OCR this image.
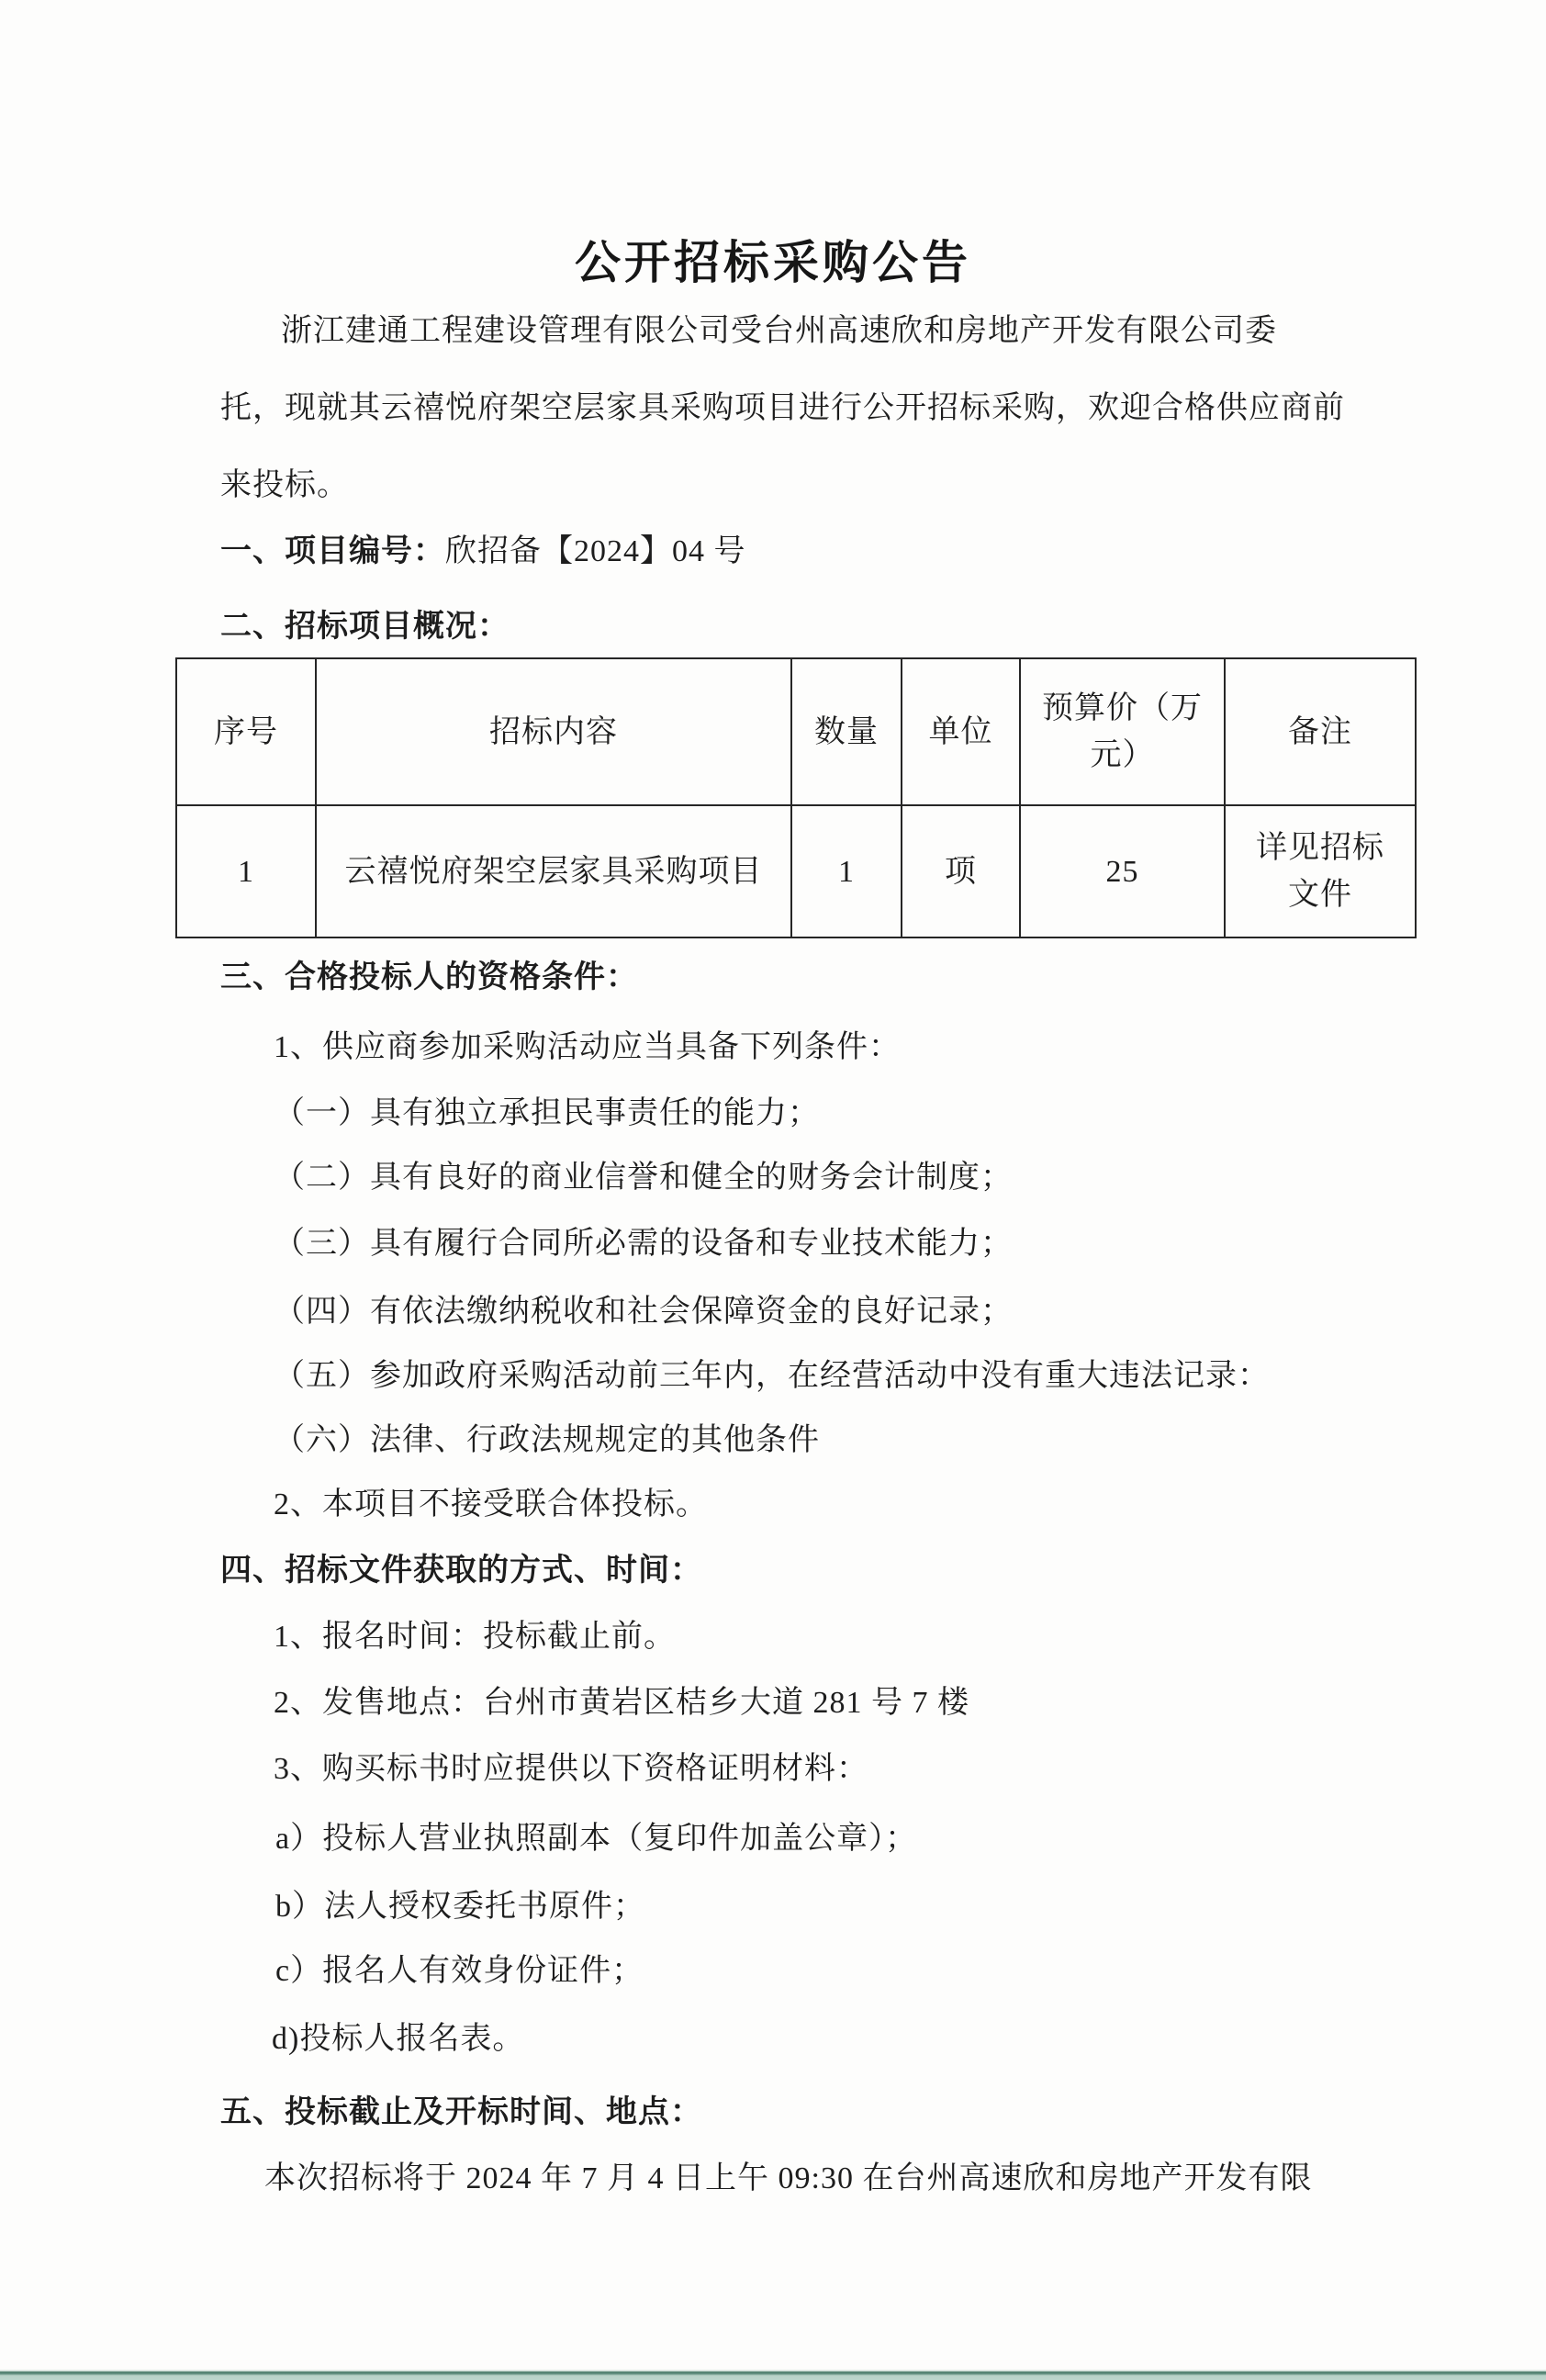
公开招标采购公告
浙江建通工程建设管理有限公司受台州高速欣和房地产开发有限公司委
托，现就其云禧悦府架空层家具采购项目进行公开招标采购，欢迎合格供应商前
来投标。
一、项目编号：欣招备【2024】04 号
二、招标项目概况：
序号	招标内容	数量	单位	预算价（万元）	备注
1	云禧悦府架空层家具采购项目	1	项	25	详见招标文件
三、合格投标人的资格条件：
1、供应商参加采购活动应当具备下列条件：
（一）具有独立承担民事责任的能力；
（二）具有良好的商业信誉和健全的财务会计制度；
（三）具有履行合同所必需的设备和专业技术能力；
（四）有依法缴纳税收和社会保障资金的良好记录；
（五）参加政府采购活动前三年内，在经营活动中没有重大违法记录：
（六）法律、行政法规规定的其他条件
2、本项目不接受联合体投标。
四、招标文件获取的方式、时间：
1、报名时间：投标截止前。
2、发售地点：台州市黄岩区桔乡大道 281 号 7 楼
3、购买标书时应提供以下资格证明材料：
a）投标人营业执照副本（复印件加盖公章）；
b）法人授权委托书原件；
c）报名人有效身份证件；
d)投标人报名表。
五、投标截止及开标时间、地点：
本次招标将于 2024 年 7 月 4 日上午 09:30 在台州高速欣和房地产开发有限
